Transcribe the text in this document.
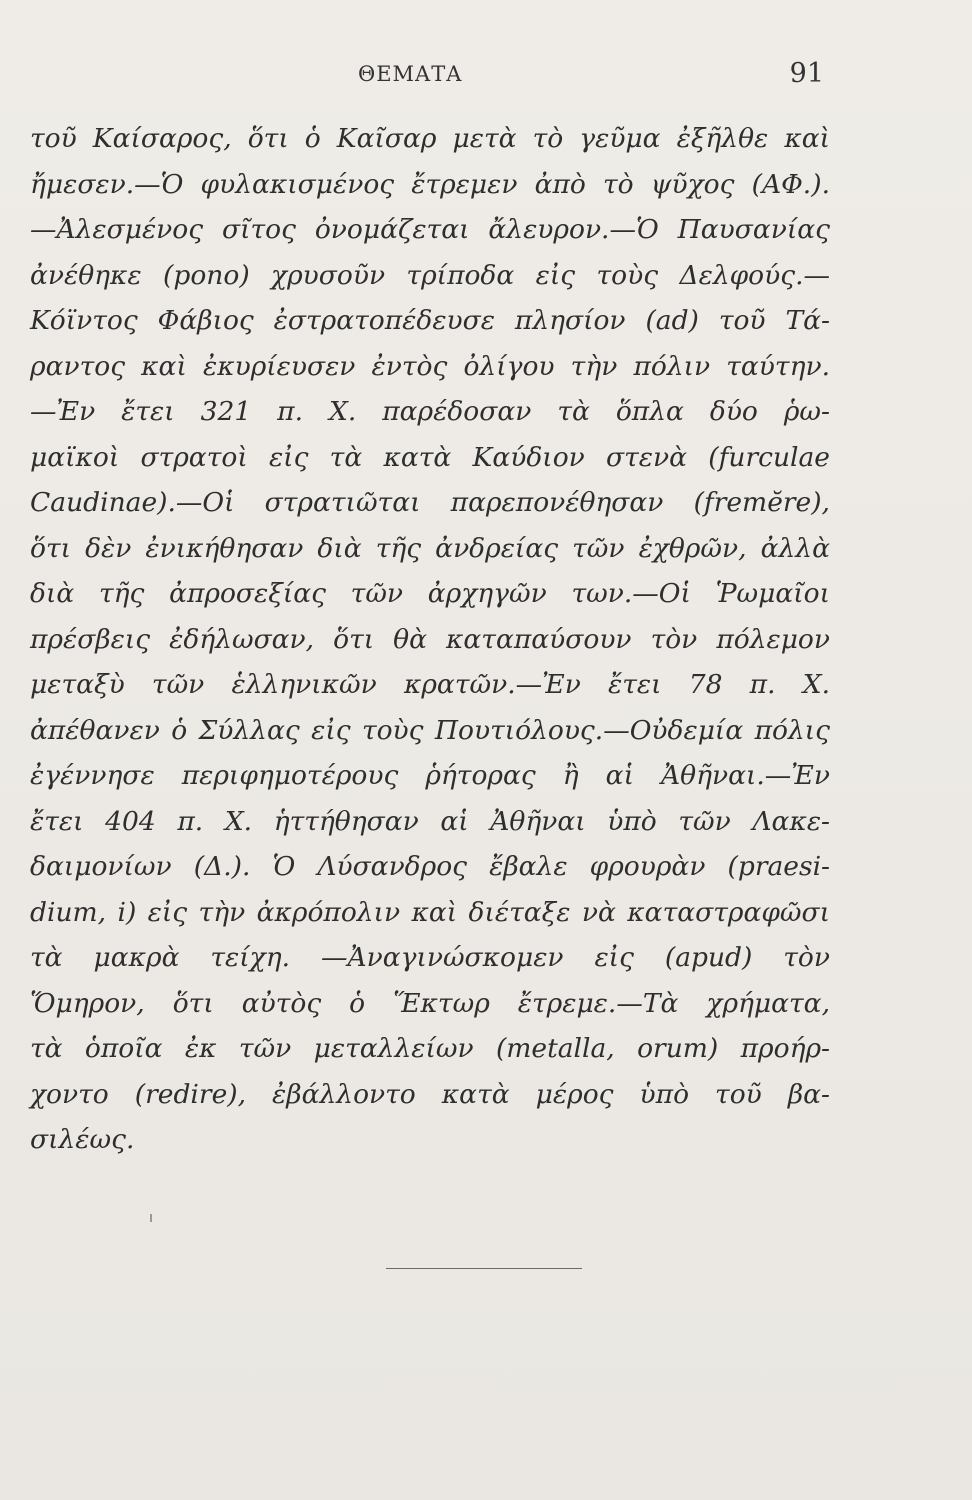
ΘΕΜΑΤΑ	91
τοῦ Καίσαρος, ὅτι ὁ Καῖσαρ μετὰ τὸ γεῦμα ἐξῆλθε καὶ
ἤμεσεν.—Ὁ φυλακισμένος ἔτρεμεν ἀπὸ τὸ ψῦχος (ΑΦ.).
—Ἀλεσμένος σῖτος ὀνομάζεται ἄλευρον.—Ὁ Παυσανίας
ἀνέθηκε (pono) χρυσοῦν τρίποδα εἰς τοὺς Δελφούς.—
Κόϊντος Φάβιος ἐστρατοπέδευσε πλησίον (ad) τοῦ Τά-
ραντος καὶ ἐκυρίευσεν ἐντὸς ὀλίγου τὴν πόλιν ταύτην.
—Ἐν ἔτει 321 π. Χ. παρέδοσαν τὰ ὅπλα δύο ῥω-
μαϊκοὶ στρατοὶ εἰς τὰ κατὰ Καύδιον στενὰ (furculae
Caudinae).—Οἱ στρατιῶται παρεπονέθησαν (fremĕre),
ὅτι δὲν ἐνικήθησαν διὰ τῆς ἀνδρείας τῶν ἐχθρῶν, ἀλλὰ
διὰ τῆς ἀπροσεξίας τῶν ἀρχηγῶν των.—Οἱ Ῥωμαῖοι
πρέσβεις ἐδήλωσαν, ὅτι θὰ καταπαύσουν τὸν πόλεμον
μεταξὺ τῶν ἑλληνικῶν κρατῶν.—Ἐν ἔτει 78 π. Χ.
ἀπέθανεν ὁ Σύλλας εἰς τοὺς Πουτιόλους.—Οὐδεμία πόλις
ἐγέννησε περιφημοτέρους ῥήτορας ἢ αἱ Ἀθῆναι.—Ἐν
ἔτει 404 π. Χ. ἡττήθησαν αἱ Ἀθῆναι ὑπὸ τῶν Λακε-
δαιμονίων (Δ.). Ὁ Λύσανδρος ἔβαλε φρουρὰν (praesi-
dium, i) εἰς τὴν ἀκρόπολιν καὶ διέταξε νὰ καταστραφῶσι
τὰ μακρὰ τείχη. —Ἀναγινώσκομεν εἰς (apud) τὸν
Ὅμηρον, ὅτι αὐτὸς ὁ Ἕκτωρ ἔτρεμε.—Τὰ χρήματα,
τὰ ὁποῖα ἐκ τῶν μεταλλείων (metalla, orum) προήρ-
χοντο (redire), ἐβάλλοντο κατὰ μέρος ὑπὸ τοῦ βα-
σιλέως.
